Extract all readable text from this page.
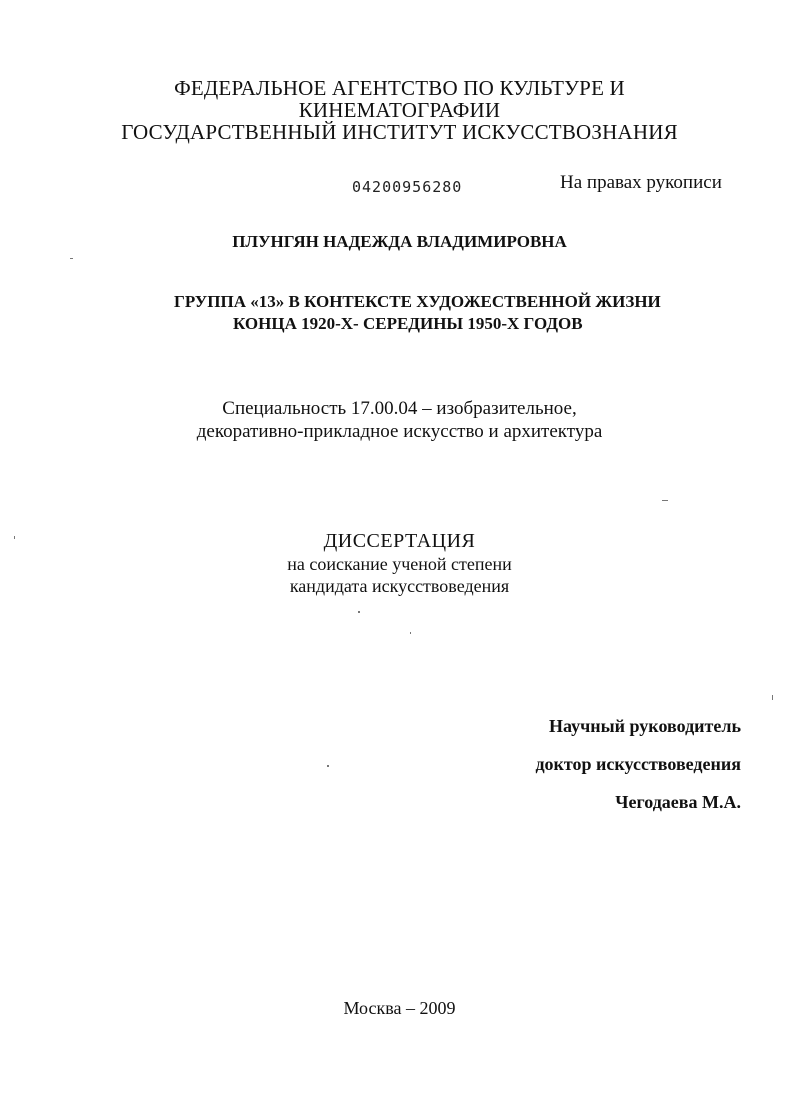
ФЕДЕРАЛЬНОЕ АГЕНТСТВО ПО КУЛЬТУРЕ И
КИНЕМАТОГРАФИИ
ГОСУДАРСТВЕННЫЙ ИНСТИТУТ ИСКУССТВОЗНАНИЯ
04200956280	На правах рукописи
ПЛУНГЯН НАДЕЖДА ВЛАДИМИРОВНА
ГРУППА «13» В КОНТЕКСТЕ ХУДОЖЕСТВЕННОЙ ЖИЗНИ
КОНЦА 1920-Х- СЕРЕДИНЫ 1950-Х ГОДОВ
Специальность 17.00.04 – изобразительное,
декоративно-прикладное искусство и архитектура
ДИССЕРТАЦИЯ
на соискание ученой степени
кандидата искусствоведения
Научный руководитель
доктор искусствоведения
Чегодаева М.А.
Москва – 2009
